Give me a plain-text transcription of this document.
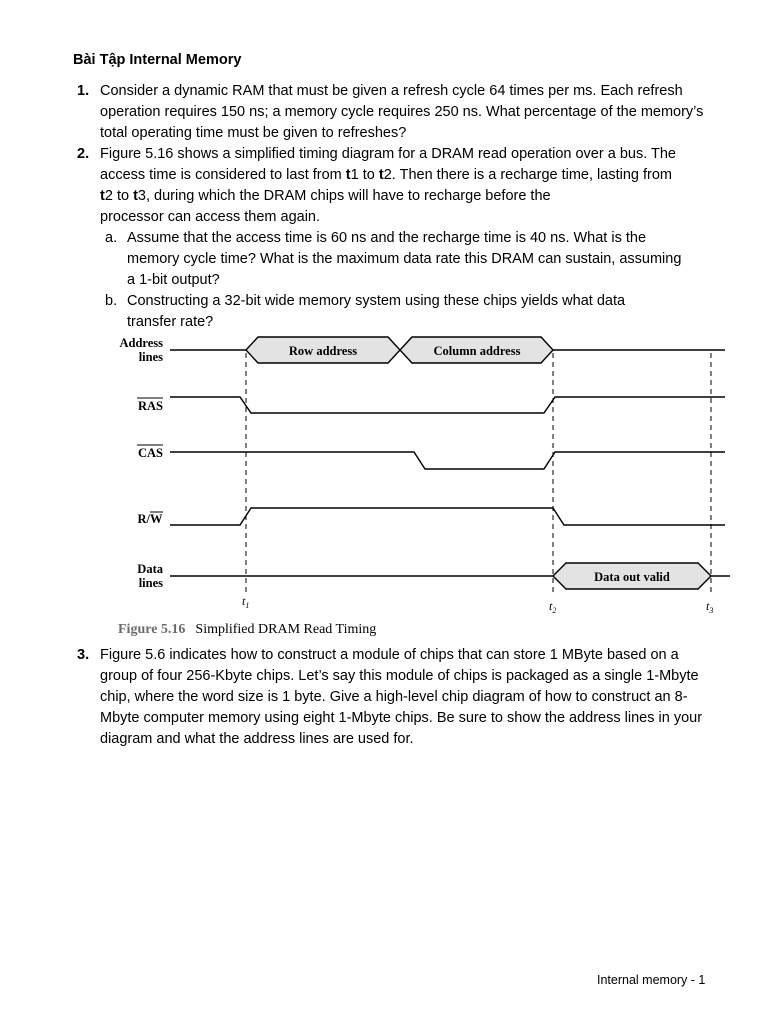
Bài Tập Internal Memory
1. Consider a dynamic RAM that must be given a refresh cycle 64 times per ms. Each refresh operation requires 150 ns; a memory cycle requires 250 ns. What percentage of the memory’s total operating time must be given to refreshes?
2. Figure 5.16 shows a simplified timing diagram for a DRAM read operation over a bus. The
access time is considered to last from t1 to t2. Then there is a recharge time, lasting from
t2 to t3, during which the DRAM chips will have to recharge before the
processor can access them again.
a. Assume that the access time is 60 ns and the recharge time is 40 ns. What is the memory cycle time? What is the maximum data rate this DRAM can sustain, assuming a 1-bit output?
b. Constructing a 32-bit wide memory system using these chips yields what data transfer rate?
Address
lines
RAS
CAS
R/ W
Data
lines
Row address	Column address
Data out valid
$t_1$	$t_2$	$t_3$
Figure 5.16 Simplified DRAM Read Timing
3. Figure 5.6 indicates how to construct a module of chips that can store 1 MByte based on a group of four 256-Kbyte chips. Let’s say this module of chips is packaged as a single 1-Mbyte chip, where the word size is 1 byte. Give a high-level chip diagram of how to construct an 8-Mbyte computer memory using eight 1-Mbyte chips. Be sure to show the address lines in your diagram and what the address lines are used for.
Internal memory - 1
